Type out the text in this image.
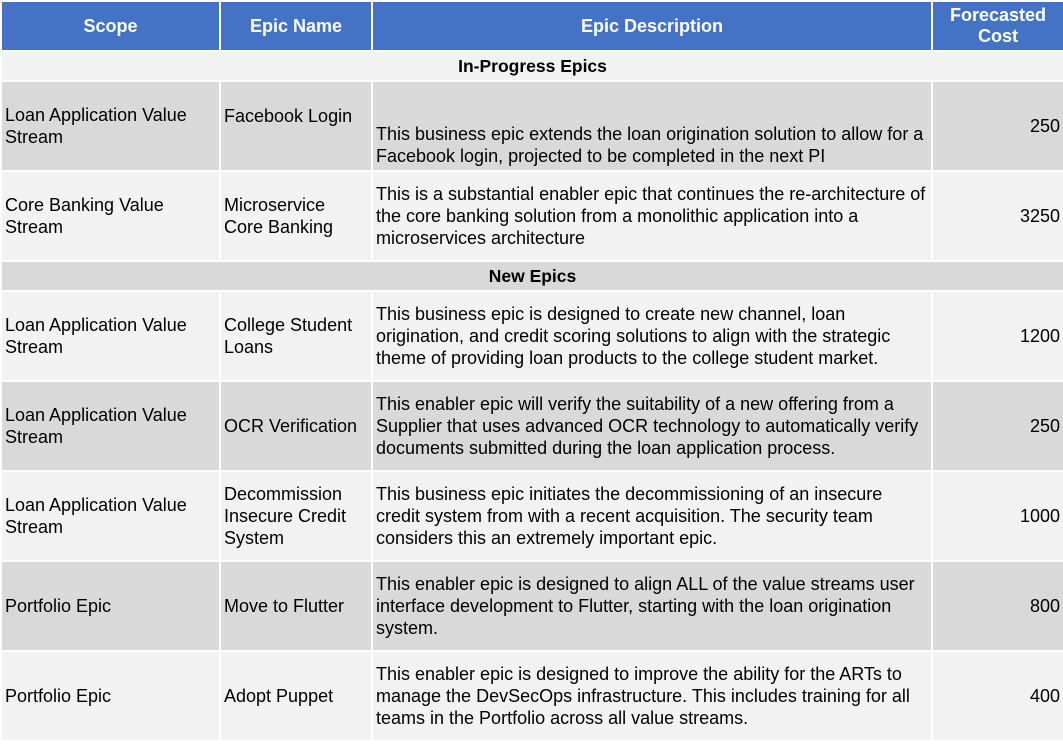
Scope	Epic Name	Epic Description	Forecasted Cost
In-Progress Epics			
Loan Application Value Stream	Facebook Login	This business epic extends the loan origination solution to allow for a Facebook login, projected to be completed in the next PI	250
Core Banking Value Stream	Microservice Core Banking	This is a substantial enabler epic that continues the re-architecture of the core banking solution from a monolithic application into a microservices architecture	3250
New Epics			
Loan Application Value Stream	College Student Loans	This business epic is designed to create new channel, loan origination, and credit scoring solutions to align with the strategic theme of providing loan products to the college student market.	1200
Loan Application Value Stream	OCR Verification	This enabler epic will verify the suitability of a new offering from a Supplier that uses advanced OCR technology to automatically verify documents submitted during the loan application process.	250
Loan Application Value Stream	Decommission Insecure Credit System	This business epic initiates the decommissioning of an insecure credit system from with a recent acquisition. The security team considers this an extremely important epic.	1000
Portfolio Epic	Move to Flutter	This enabler epic is designed to align ALL of the value streams user interface development to Flutter, starting with the loan origination system.	800
Portfolio Epic	Adopt Puppet	This enabler epic is designed to improve the ability for the ARTs to manage the DevSecOps infrastructure. This includes training for all teams in the Portfolio across all value streams.	400
